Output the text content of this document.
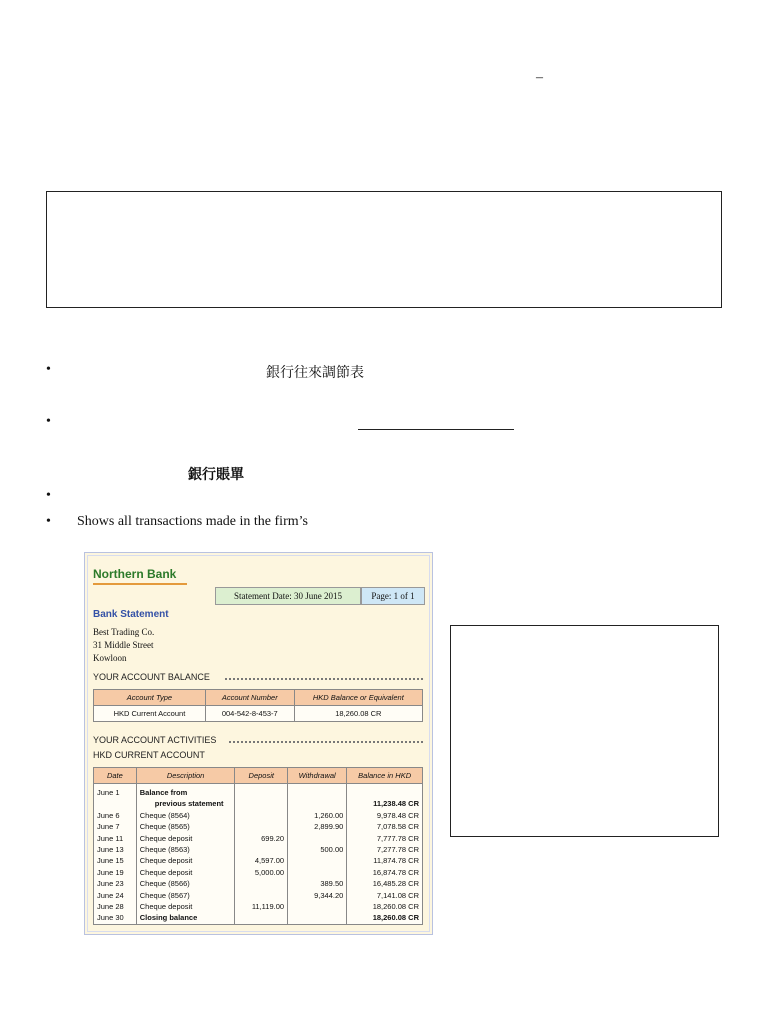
–
•	銀行往來調節表
•
銀行賬單
•
• Shows all transactions made in the firm’s
Northern Bank
Statement Date: 30 June 2015	Page: 1 of 1
Bank Statement
Best Trading Co.
31 Middle Street
Kowloon
YOUR ACCOUNT BALANCE
Account Type	Account Number	HKD Balance or Equivalent
HKD Current Account	004-542-8-453-7	18,260.08 CR
YOUR ACCOUNT ACTIVITIES
HKD CURRENT ACCOUNT
Date	Description	Deposit	Withdrawal	Balance in HKD
June 1	Balance from			
	previous statement			11,238.48 CR
June 6	Cheque (8564)		1,260.00	9,978.48 CR
June 7	Cheque (8565)		2,899.90	7,078.58 CR
June 11	Cheque deposit	699.20		7,777.78 CR
June 13	Cheque (8563)		500.00	7,277.78 CR
June 15	Cheque deposit	4,597.00		11,874.78 CR
June 19	Cheque deposit	5,000.00		16,874.78 CR
June 23	Cheque (8566)		389.50	16,485.28 CR
June 24	Cheque (8567)		9,344.20	7,141.08 CR
June 28	Cheque deposit	11,119.00		18,260.08 CR
June 30	Closing balance			18,260.08 CR
